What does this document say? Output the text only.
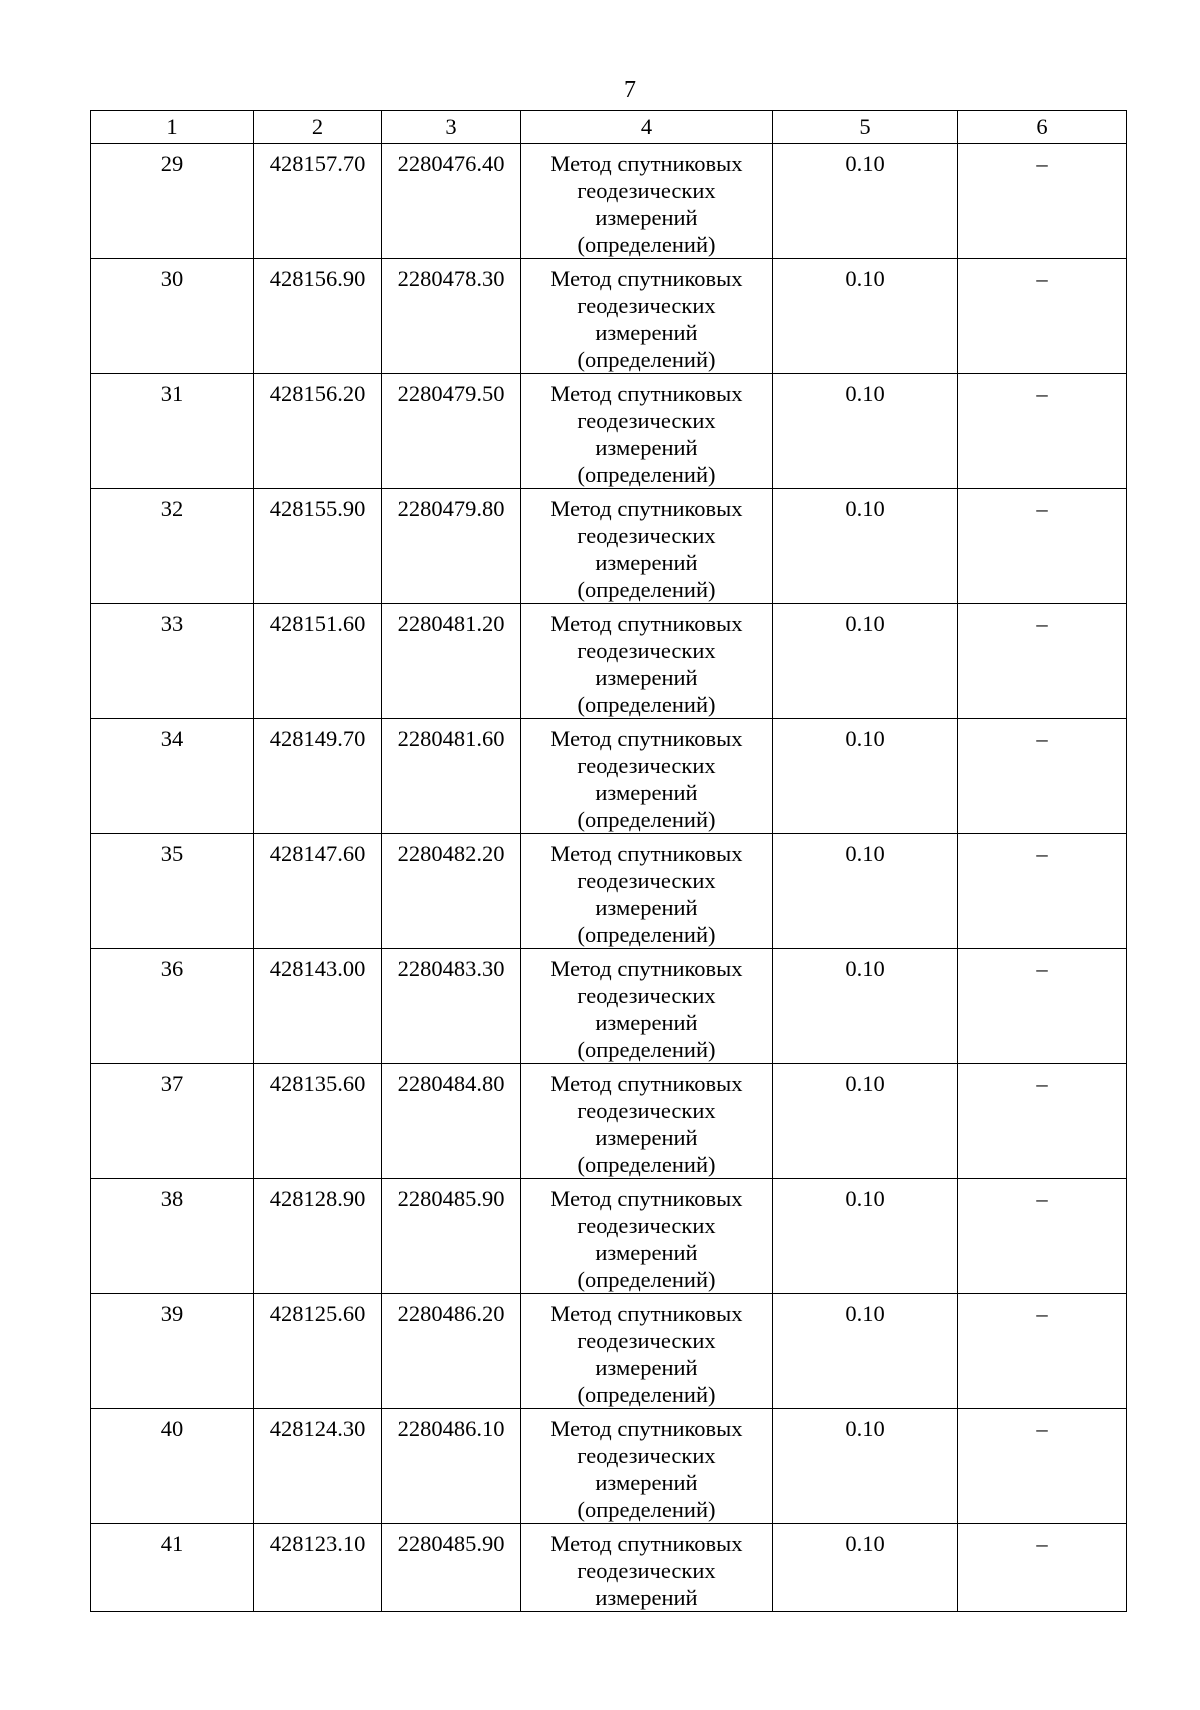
7
1	2	3	4	5	6
29	428157.70	2280476.40	Метод спутниковых
геодезических
измерений
(определений)	0.10	–
30	428156.90	2280478.30	Метод спутниковых
геодезических
измерений
(определений)	0.10	–
31	428156.20	2280479.50	Метод спутниковых
геодезических
измерений
(определений)	0.10	–
32	428155.90	2280479.80	Метод спутниковых
геодезических
измерений
(определений)	0.10	–
33	428151.60	2280481.20	Метод спутниковых
геодезических
измерений
(определений)	0.10	–
34	428149.70	2280481.60	Метод спутниковых
геодезических
измерений
(определений)	0.10	–
35	428147.60	2280482.20	Метод спутниковых
геодезических
измерений
(определений)	0.10	–
36	428143.00	2280483.30	Метод спутниковых
геодезических
измерений
(определений)	0.10	–
37	428135.60	2280484.80	Метод спутниковых
геодезических
измерений
(определений)	0.10	–
38	428128.90	2280485.90	Метод спутниковых
геодезических
измерений
(определений)	0.10	–
39	428125.60	2280486.20	Метод спутниковых
геодезических
измерений
(определений)	0.10	–
40	428124.30	2280486.10	Метод спутниковых
геодезических
измерений
(определений)	0.10	–
41	428123.10	2280485.90	Метод спутниковых
геодезических
измерений	0.10	–
